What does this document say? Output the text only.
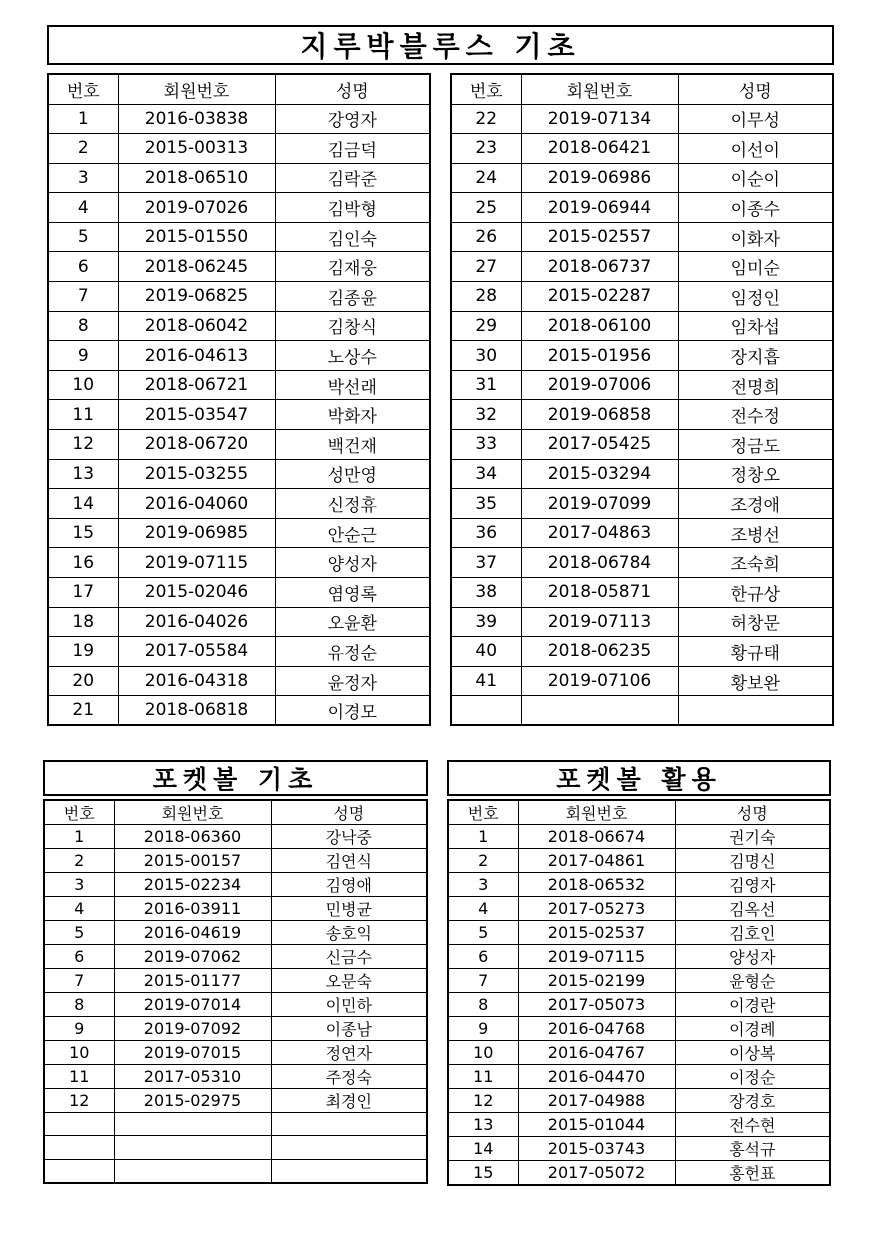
지루박블루스 기초
번호	회원번호	성명
1	2016-03838	강영자
2	2015-00313	김금덕
3	2018-06510	김락준
4	2019-07026	김박형
5	2015-01550	김인숙
6	2018-06245	김재웅
7	2019-06825	김종윤
8	2018-06042	김창식
9	2016-04613	노상수
10	2018-06721	박선래
11	2015-03547	박화자
12	2018-06720	백건재
13	2015-03255	성만영
14	2016-04060	신정휴
15	2019-06985	안순근
16	2019-07115	양성자
17	2015-02046	염영록
18	2016-04026	오윤환
19	2017-05584	유정순
20	2016-04318	윤정자
21	2018-06818	이경모
번호	회원번호	성명
22	2019-07134	이무성
23	2018-06421	이선이
24	2019-06986	이순이
25	2019-06944	이종수
26	2015-02557	이화자
27	2018-06737	임미순
28	2015-02287	임정인
29	2018-06100	임차섭
30	2015-01956	장지흡
31	2019-07006	전명희
32	2019-06858	전수정
33	2017-05425	정금도
34	2015-03294	정창오
35	2019-07099	조경애
36	2017-04863	조병선
37	2018-06784	조숙희
38	2018-05871	한규상
39	2019-07113	허창문
40	2018-06235	황규태
41	2019-07106	황보완

포켓볼 기초
번호	회원번호	성명
1	2018-06360	강낙중
2	2015-00157	김연식
3	2015-02234	김영애
4	2016-03911	민병균
5	2016-04619	송호익
6	2019-07062	신금수
7	2015-01177	오문숙
8	2019-07014	이민하
9	2019-07092	이종남
10	2019-07015	정연자
11	2017-05310	주정숙
12	2015-02975	최경인

포켓볼 활용
번호	회원번호	성명
1	2018-06674	권기숙
2	2017-04861	김명신
3	2018-06532	김영자
4	2017-05273	김옥선
5	2015-02537	김호인
6	2019-07115	양성자
7	2015-02199	윤형순
8	2017-05073	이경란
9	2016-04768	이경례
10	2016-04767	이상복
11	2016-04470	이정순
12	2017-04988	장경호
13	2015-01044	전수현
14	2015-03743	홍석규
15	2017-05072	홍헌표
